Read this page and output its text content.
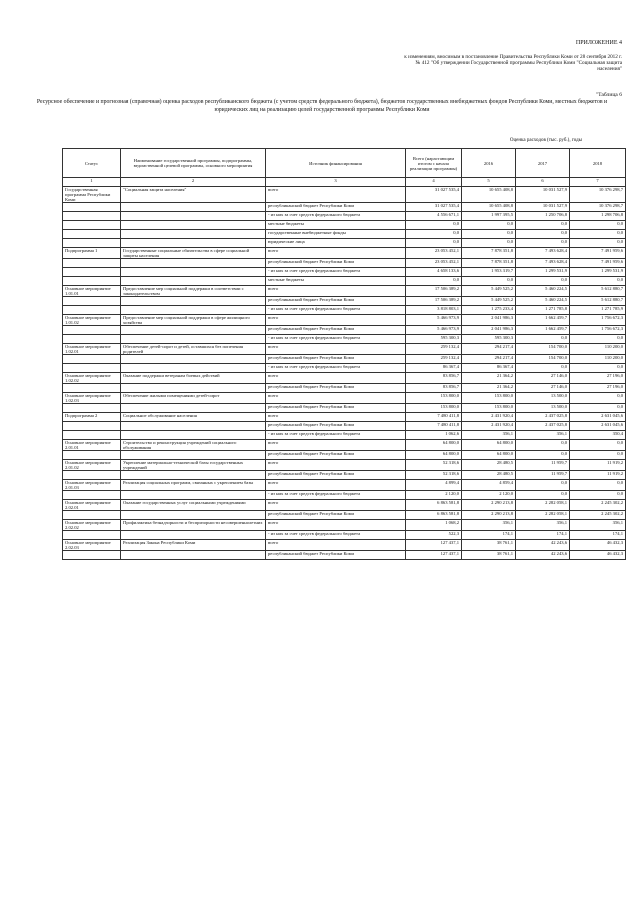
ПРИЛОЖЕНИЕ 4
к изменениям, вносимым в постановление Правительства Республики Коми от 28 сентября 2012 г. № 412 "Об утверждении Государственной программы Республики Коми "Социальная защита населения"
"Таблица 6
Ресурсное обеспечение и прогнозная (справочная) оценка расходов республиканского бюджета (с учетом средств федерального бюджета), бюджетов государственных внебюджетных фондов Республики Коми, местных бюджетов и юридических лиц на реализацию целей государственной программы Республики Коми
Оценка расходов (тыс. руб.), годы
Статус	Наименование государственной программы, подпрограммы, ведомственной целевой программы, основного мероприятия	Источник финансирования	Всего (нарастающим итогом с начала реализации программы)	2016	2017	2018
1	2	3	4	5	6	7
Государственная программа Республики Коми	"Социальная защита населения"	всего	31 027 535,4	10 655 408,8	10 031 527,9	10 376 298,7
		республиканский бюджет Республики Коми	31 027 535,4	10 655 408,8	10 031 527,9	10 376 298,7
		- из них за счет средств федерального бюджета	4 556 671,1	1 997 395,5	1 250 706,8	1 298 706,8
		местные бюджеты	0,0	0,0	0,0	0,0
		государственные внебюджетные фонды	0,0	0,0	0,0	0,0
		юридические лица	0,0	0,0	0,0	0,0
Подпрограмма 1	Государственные социальные обязательства в сфере социальной защиты населения	всего	23 053 452,1	7 878 351,8	7 493 628,4	7 491 959,6
		республиканский бюджет Республики Коми	23 053 452,1	7 878 351,8	7 493 628,4	7 491 959,6
		- из них за счет средств федерального бюджета	4 658 133,6	1 953 319,7	1 299 531,9	1 299 531,9
		местные бюджеты	0,0	0,0	0,0	0,0
Основное мероприятие 1.01.01	Предоставление мер социальной поддержки в соответствии с законодательством	всего	17 506 389,2	5 449 525,2	5 460 224,5	5 612 880,7
		республиканский бюджет Республики Коми	17 506 389,2	5 449 525,2	5 460 224,5	5 612 880,7
		- из них за счет средств федерального бюджета	3 818 803,1	1 275 233,4	1 271 785,8	1 271 785,9
Основное мероприятие 1.01.02	Предоставление мер социальной поддержки в сфере жилищного хозяйства	всего	5 466 973,9	2 041 986,3	1 662 459,7	1 756 672,3
		республиканский бюджет Республики Коми	5 466 973,9	2 041 986,3	1 662 459,7	1 756 672,3
		- из них за счет средств федерального бюджета	595 300,3	595 300,3	0,0	0,0
Основное мероприятие 1.02.01	Обеспечение детей-сирот и детей, оставшихся без попечения родителей	всего	259 132,4	294 217,4	154 700,0	110 200,0
		республиканский бюджет Республики Коми	259 132,4	294 217,4	154 700,0	110 200,0
		- из них за счет средств федерального бюджета	86 367,4	86 367,4	0,0	0,0
Основное мероприятие 1.02.02	Оказание поддержки ветеранам боевых действий	всего	83 856,7	21 364,2	27 146,0	27 196,0
		республиканский бюджет Республики Коми	83 856,7	21 364,2	27 146,0	27 196,0
Основное мероприятие 1.02.03	Обеспечение жилыми помещениями детей-сирот	всего	153 800,0	153 800,0	13 500,0	0,0
		республиканский бюджет Республики Коми	153 800,0	153 800,0	13 500,0	0,0
Подпрограмма 2	Социальное обслуживание населения	всего	7 480 411,8	2 431 920,4	2 437 025,8	2 631 045,6
		республиканский бюджет Республики Коми	7 480 411,8	2 431 920,4	2 437 025,8	2 631 045,6
		- из них за счет средств федерального бюджета	1 062,6	356,1	356,1	350,4
Основное мероприятие 2.01.01	Строительство и реконструкция учреждений социального обслуживания	всего	64 800,0	64 800,0	0,0	0,0
		республиканский бюджет Республики Коми	64 800,0	64 800,0	0,0	0,0
Основное мероприятие 2.01.02	Укрепление материально-технической базы государственных учреждений	всего	52 318,6	28 480,5	11 959,7	11 919,2
		республиканский бюджет Республики Коми	52 318,6	28 480,5	11 959,7	11 919,2
Основное мероприятие 2.01.03	Реализация социальных программ, связанных с укреплением базы	всего	4 899,4	4 859,4	0,0	0,0
		- из них за счет средств федерального бюджета	2 120,0	2 120,0	0,0	0,0
Основное мероприятие 2.02.01	Оказание государственных услуг социальными учреждениями	всего	6 863 581,8	2 290 213,8	2 282 058,1	2 245 302,2
		республиканский бюджет Республики Коми	6 863 581,8	2 290 213,8	2 282 058,1	2 245 302,2
Основное мероприятие 2.02.02	Профилактика безнадзорности и беспризорности несовершеннолетних	всего	1 068,2	356,1	356,1	356,1
		- из них за счет средств федерального бюджета	522,3	174,1	174,1	174,1
Основное мероприятие 2.02.03	Реализация Закона Республики Коми	всего	127 437,1	38 761,1	42 243,6	46 432,3
		республиканский бюджет Республики Коми	127 437,1	38 761,1	42 243,6	46 432,3
